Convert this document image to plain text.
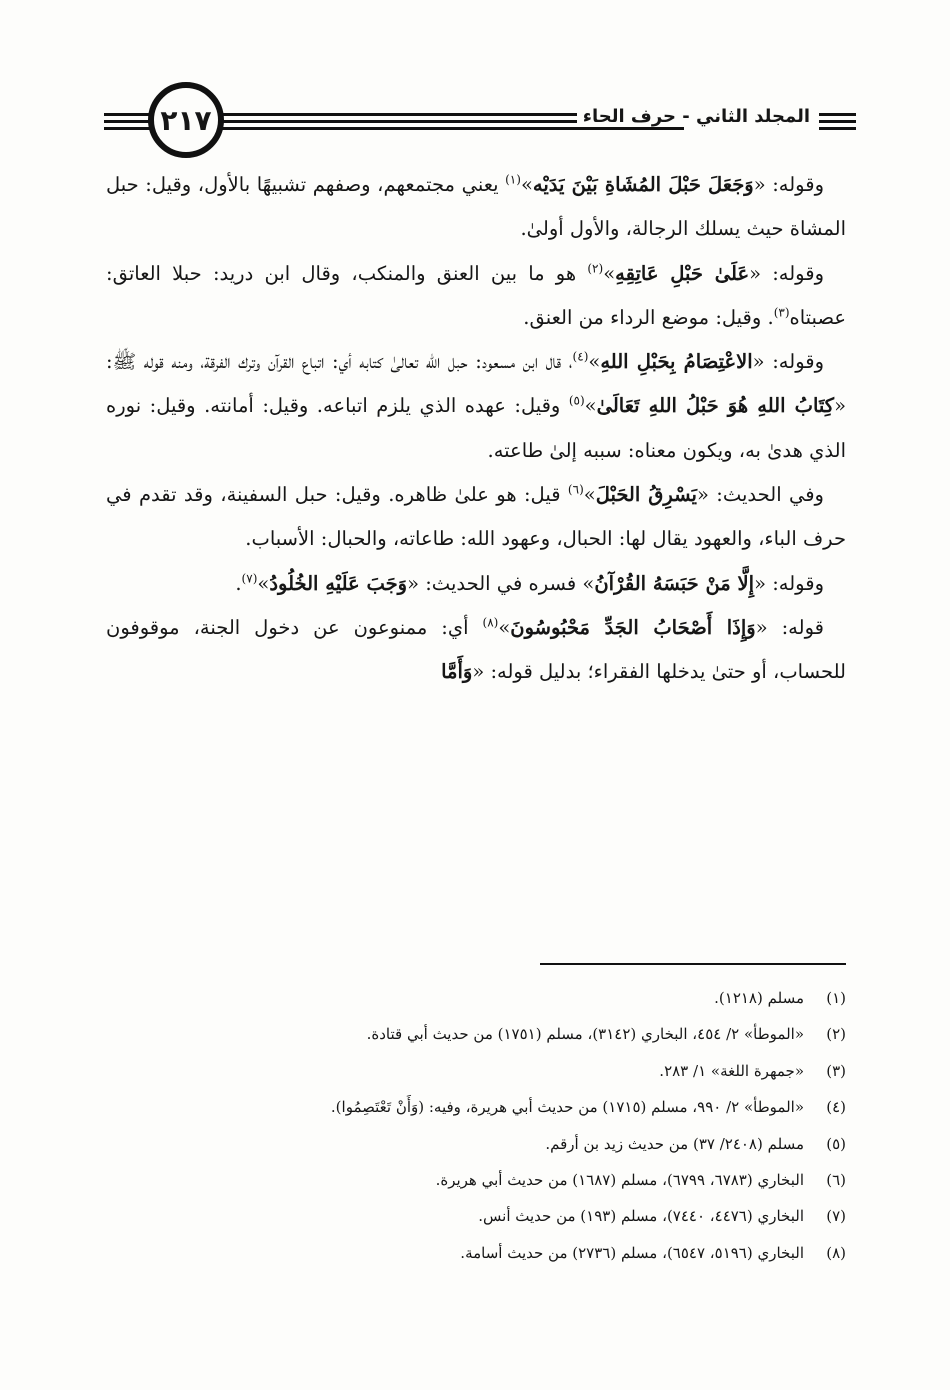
٢١٧	المجلد الثاني - حرف الحاء

وقوله: «وَجَعَلَ حَبْلَ المُشَاةِ بَيْنَ يَدَيْه»$^{(١)}$ يعني مجتمعهم، وصفهم تشبيهًا بالأول، وقيل: حبل المشاة حيث يسلك الرجالة، والأول أولىٰ.

وقوله: «عَلَىٰ حَبْلِ عَاتِقِهِ»$^{(٢)}$ هو ما بين العنق والمنكب، وقال ابن دريد: حبلا العاتق: عصبتاه$^{(٣)}$. وقيل: موضع الرداء من العنق.

وقوله: «الاعْتِصَامُ بِحَبْلِ اللهِ»$^{(٤)}$، قال ابن مسعود: حبل الله تعالىٰ كتابه أي: اتباع القرآن وترك الفرقة، ومنه قوله ﷺ: «كِتَابُ اللهِ هُوَ حَبْلُ اللهِ تَعَالَىٰ»$^{(٥)}$ وقيل: عهده الذي يلزم اتباعه. وقيل: أمانته. وقيل: نوره الذي هدىٰ به، ويكون معناه: سببه إلىٰ طاعته.

وفي الحديث: «يَسْرِقُ الحَبْلَ»$^{(٦)}$ قيل: هو علىٰ ظاهره. وقيل: حبل السفينة، وقد تقدم في حرف الباء، والعهود يقال لها: الحبال، وعهود الله: طاعاته، والحبال: الأسباب.

وقوله: «إِلَّا مَنْ حَبَسَهُ القُرْآنُ» فسره في الحديث: «وَجَبَ عَلَيْهِ الخُلُودُ»$^{(٧)}$.

قوله: «وَإِذَا أَصْحَابُ الجَدِّ مَحْبُوسُونَ»$^{(٨)}$ أي: ممنوعون عن دخول الجنة، موقوفون للحساب، أو حتىٰ يدخلها الفقراء؛ بدليل قوله: «وَأَمَّا

(١)
مسلم (١٢١٨).
(٢)
«الموطأ» ٢/ ٤٥٤، البخاري (٣١٤٢)، مسلم (١٧٥١) من حديث أبي قتادة.
(٣)
«جمهرة اللغة» ١/ ٢٨٣.
(٤)
«الموطأ» ٢/ ٩٩٠، مسلم (١٧١٥) من حديث أبي هريرة، وفيه: (وَأَنْ تَعْتَصِمُوا).
(٥)
مسلم (٢٤٠٨/ ٣٧) من حديث زيد بن أرقم.
(٦)
البخاري (٦٧٨٣، ٦٧٩٩)، مسلم (١٦٨٧) من حديث أبي هريرة.
(٧)
البخاري (٤٤٧٦، ٧٤٤٠)، مسلم (١٩٣) من حديث أنس.
(٨)
البخاري (٥١٩٦، ٦٥٤٧)، مسلم (٢٧٣٦) من حديث أسامة.
